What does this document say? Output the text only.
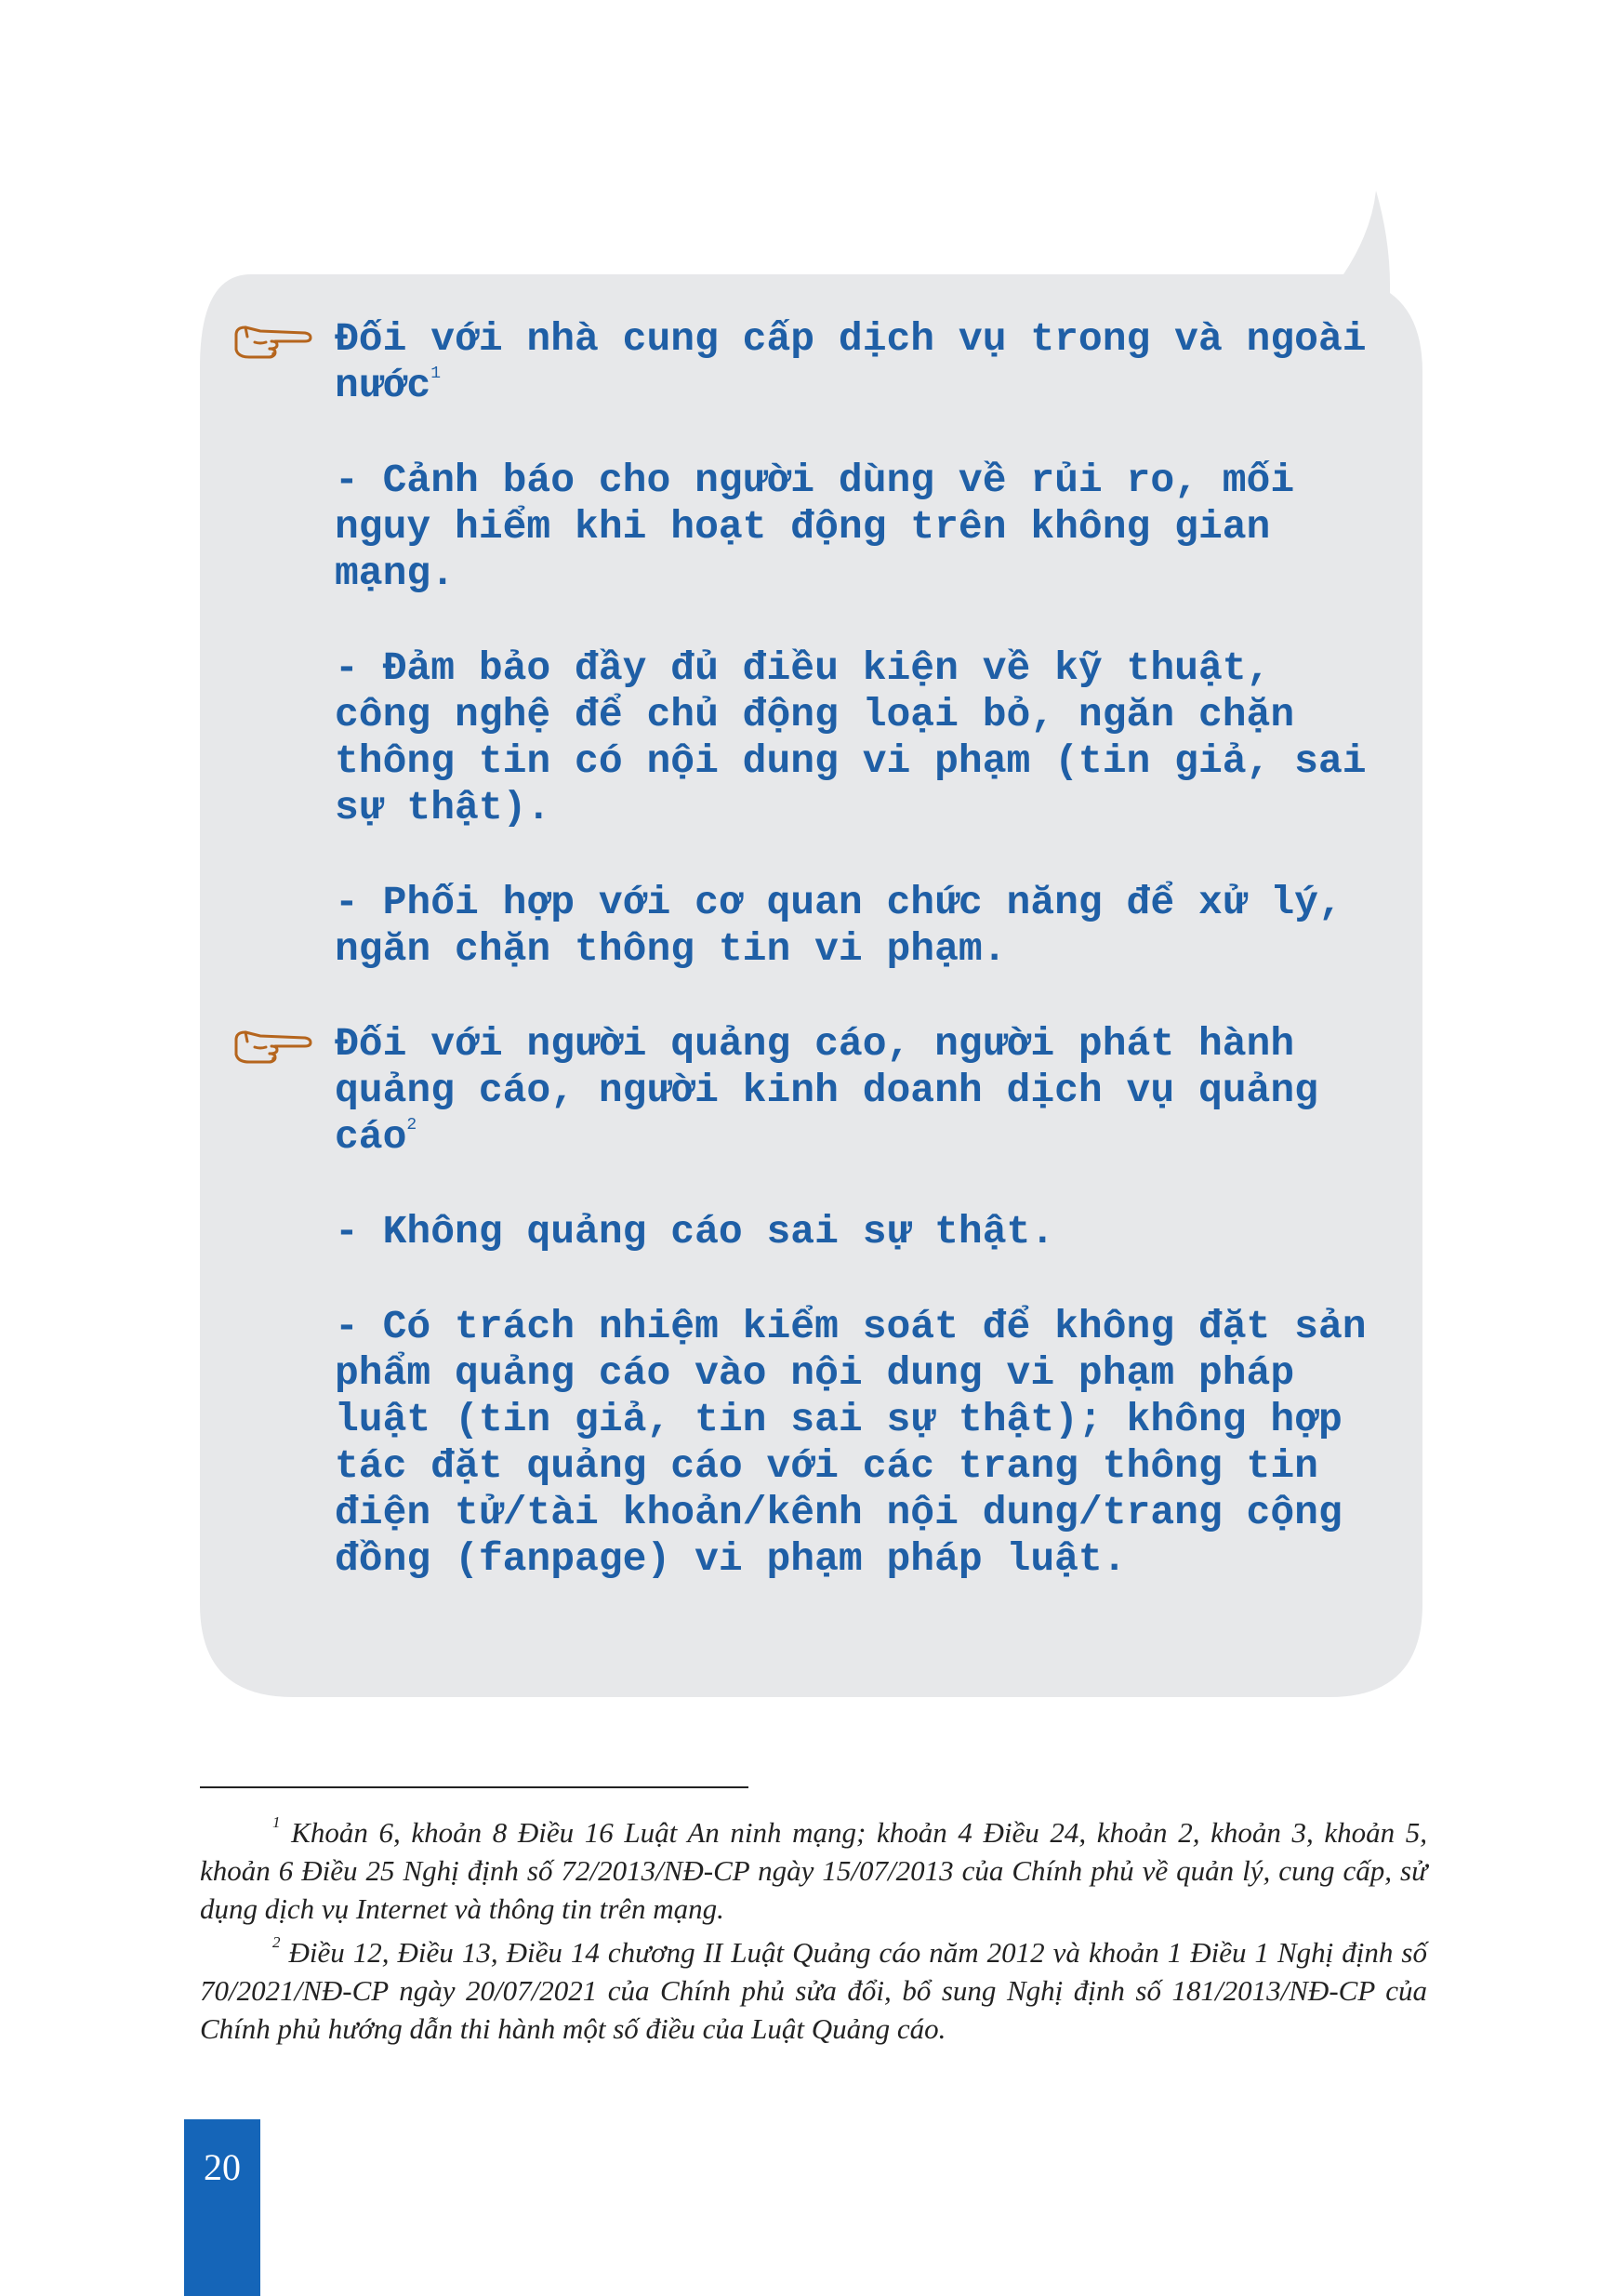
Đối với nhà cung cấp dịch vụ trong và ngoài nước$^1$
- Cảnh báo cho người dùng về rủi ro, mối nguy hiểm khi hoạt động trên không gian mạng.
- Đảm bảo đầy đủ điều kiện về kỹ thuật, công nghệ để chủ động loại bỏ, ngăn chặn thông tin có nội dung vi phạm (tin giả, sai sự thật).
- Phối hợp với cơ quan chức năng để xử lý, ngăn chặn thông tin vi phạm.
Đối với người quảng cáo, người phát hành quảng cáo, người kinh doanh dịch vụ quảng cáo$^2$
- Không quảng cáo sai sự thật.
- Có trách nhiệm kiểm soát để không đặt sản phẩm quảng cáo vào nội dung vi phạm pháp luật (tin giả, tin sai sự thật); không hợp tác đặt quảng cáo với các trang thông tin điện tử/tài khoản/kênh nội dung/trang cộng đồng (fanpage) vi phạm pháp luật.

$^1$ Khoản 6, khoản 8 Điều 16 Luật An ninh mạng; khoản 4 Điều 24, khoản 2, khoản 3, khoản 5, khoản 6 Điều 25 Nghị định số 72/2013/NĐ-CP ngày 15/07/2013 của Chính phủ về quản lý, cung cấp, sử dụng dịch vụ Internet và thông tin trên mạng.

$^2$ Điều 12, Điều 13, Điều 14 chương II Luật Quảng cáo năm 2012 và khoản 1 Điều 1 Nghị định số 70/2021/NĐ-CP ngày 20/07/2021 của Chính phủ sửa đổi, bổ sung Nghị định số 181/2013/NĐ-CP của Chính phủ hướng dẫn thi hành một số điều của Luật Quảng cáo.

20
